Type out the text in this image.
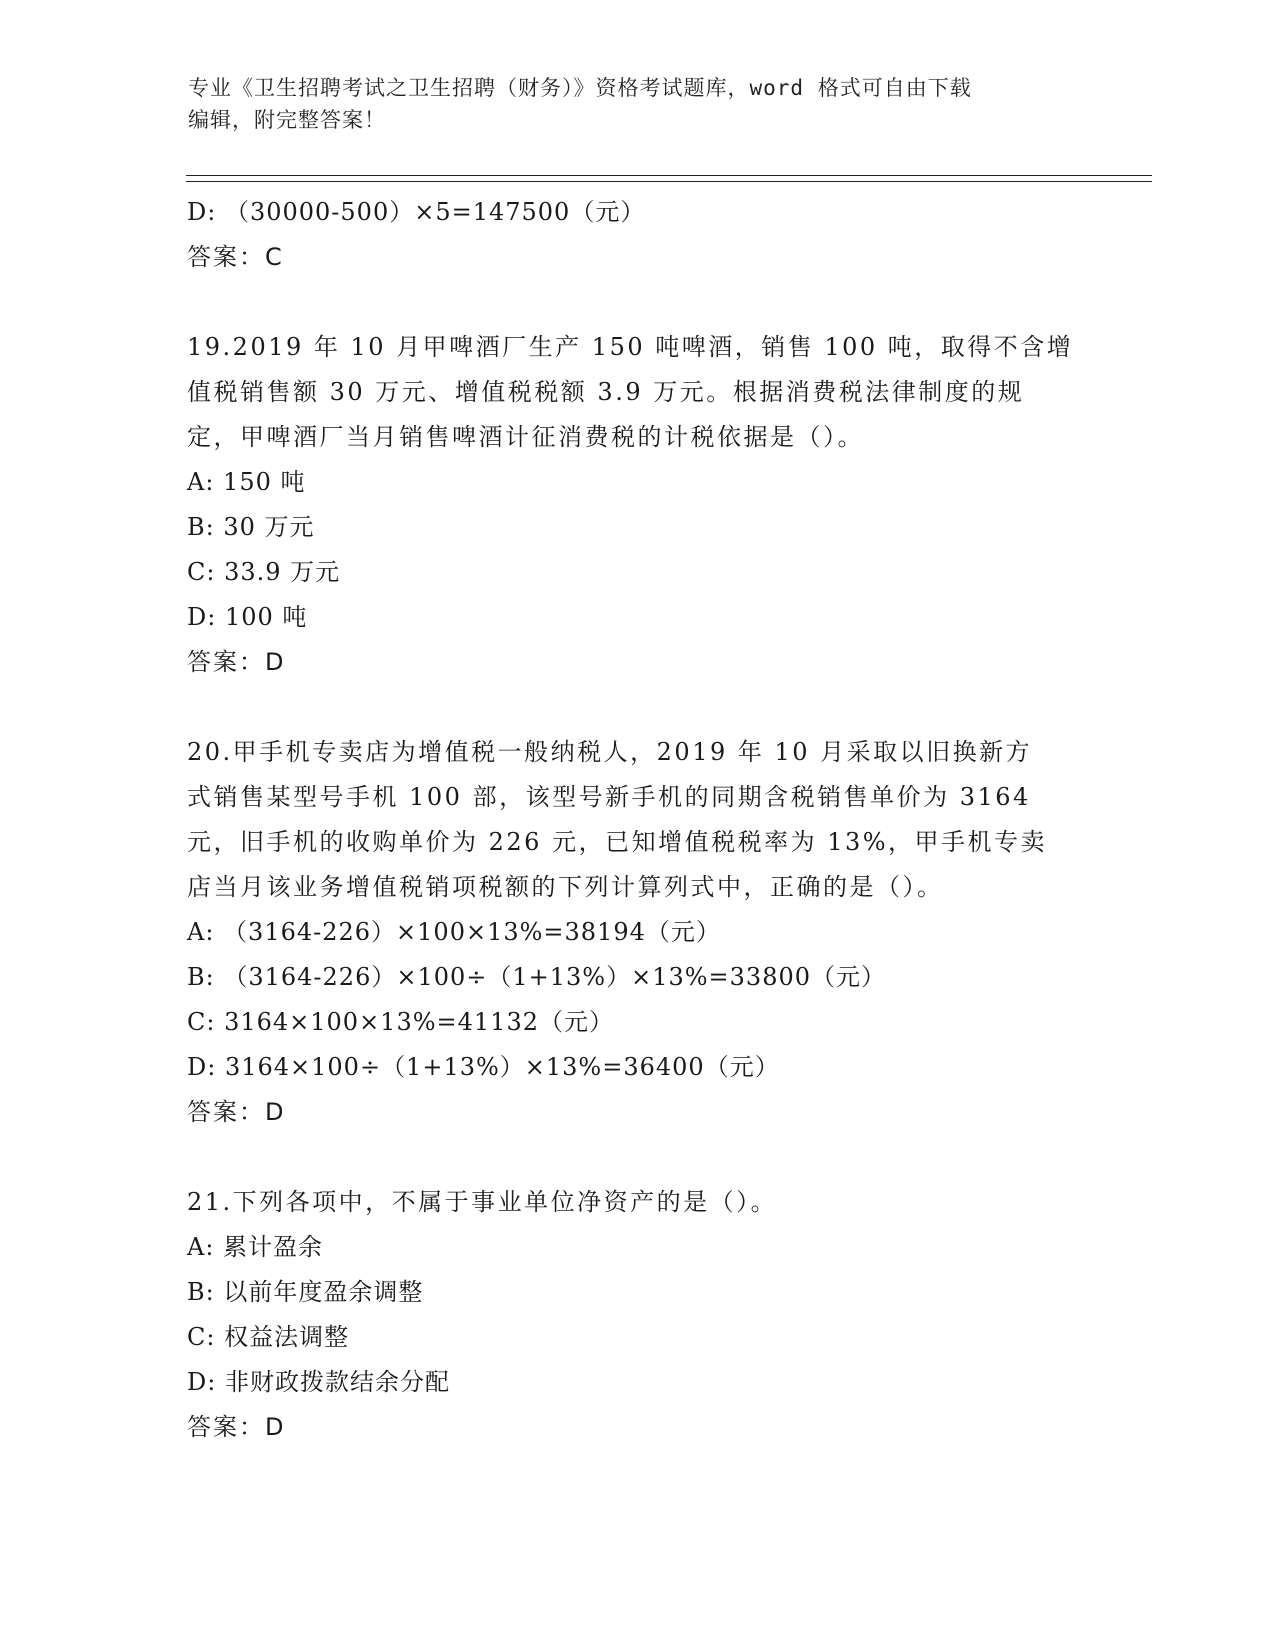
专业《卫生招聘考试之卫生招聘（财务）》资格考试题库，word 格式可自由下载
编辑，附完整答案！
D: （30000-500）×5=147500（元）
答案：C
19.2019 年 10 月甲啤酒厂生产 150 吨啤酒，销售 100 吨，取得不含增
值税销售额 30 万元、增值税税额 3.9 万元。根据消费税法律制度的规
定，甲啤酒厂当月销售啤酒计征消费税的计税依据是（）。
A: 150 吨
B: 30 万元
C: 33.9 万元
D: 100 吨
答案：D
20.甲手机专卖店为增值税一般纳税人，2019 年 10 月采取以旧换新方
式销售某型号手机 100 部，该型号新手机的同期含税销售单价为 3164
元，旧手机的收购单价为 226 元，已知增值税税率为 13%，甲手机专卖
店当月该业务增值税销项税额的下列计算列式中，正确的是（）。
A: （3164-226）×100×13%=38194（元）
B: （3164-226）×100÷（1+13%）×13%=33800（元）
C: 3164×100×13%=41132（元）
D: 3164×100÷（1+13%）×13%=36400（元）
答案：D
21.下列各项中，不属于事业单位净资产的是（）。
A: 累计盈余
B: 以前年度盈余调整
C: 权益法调整
D: 非财政拨款结余分配
答案：D
